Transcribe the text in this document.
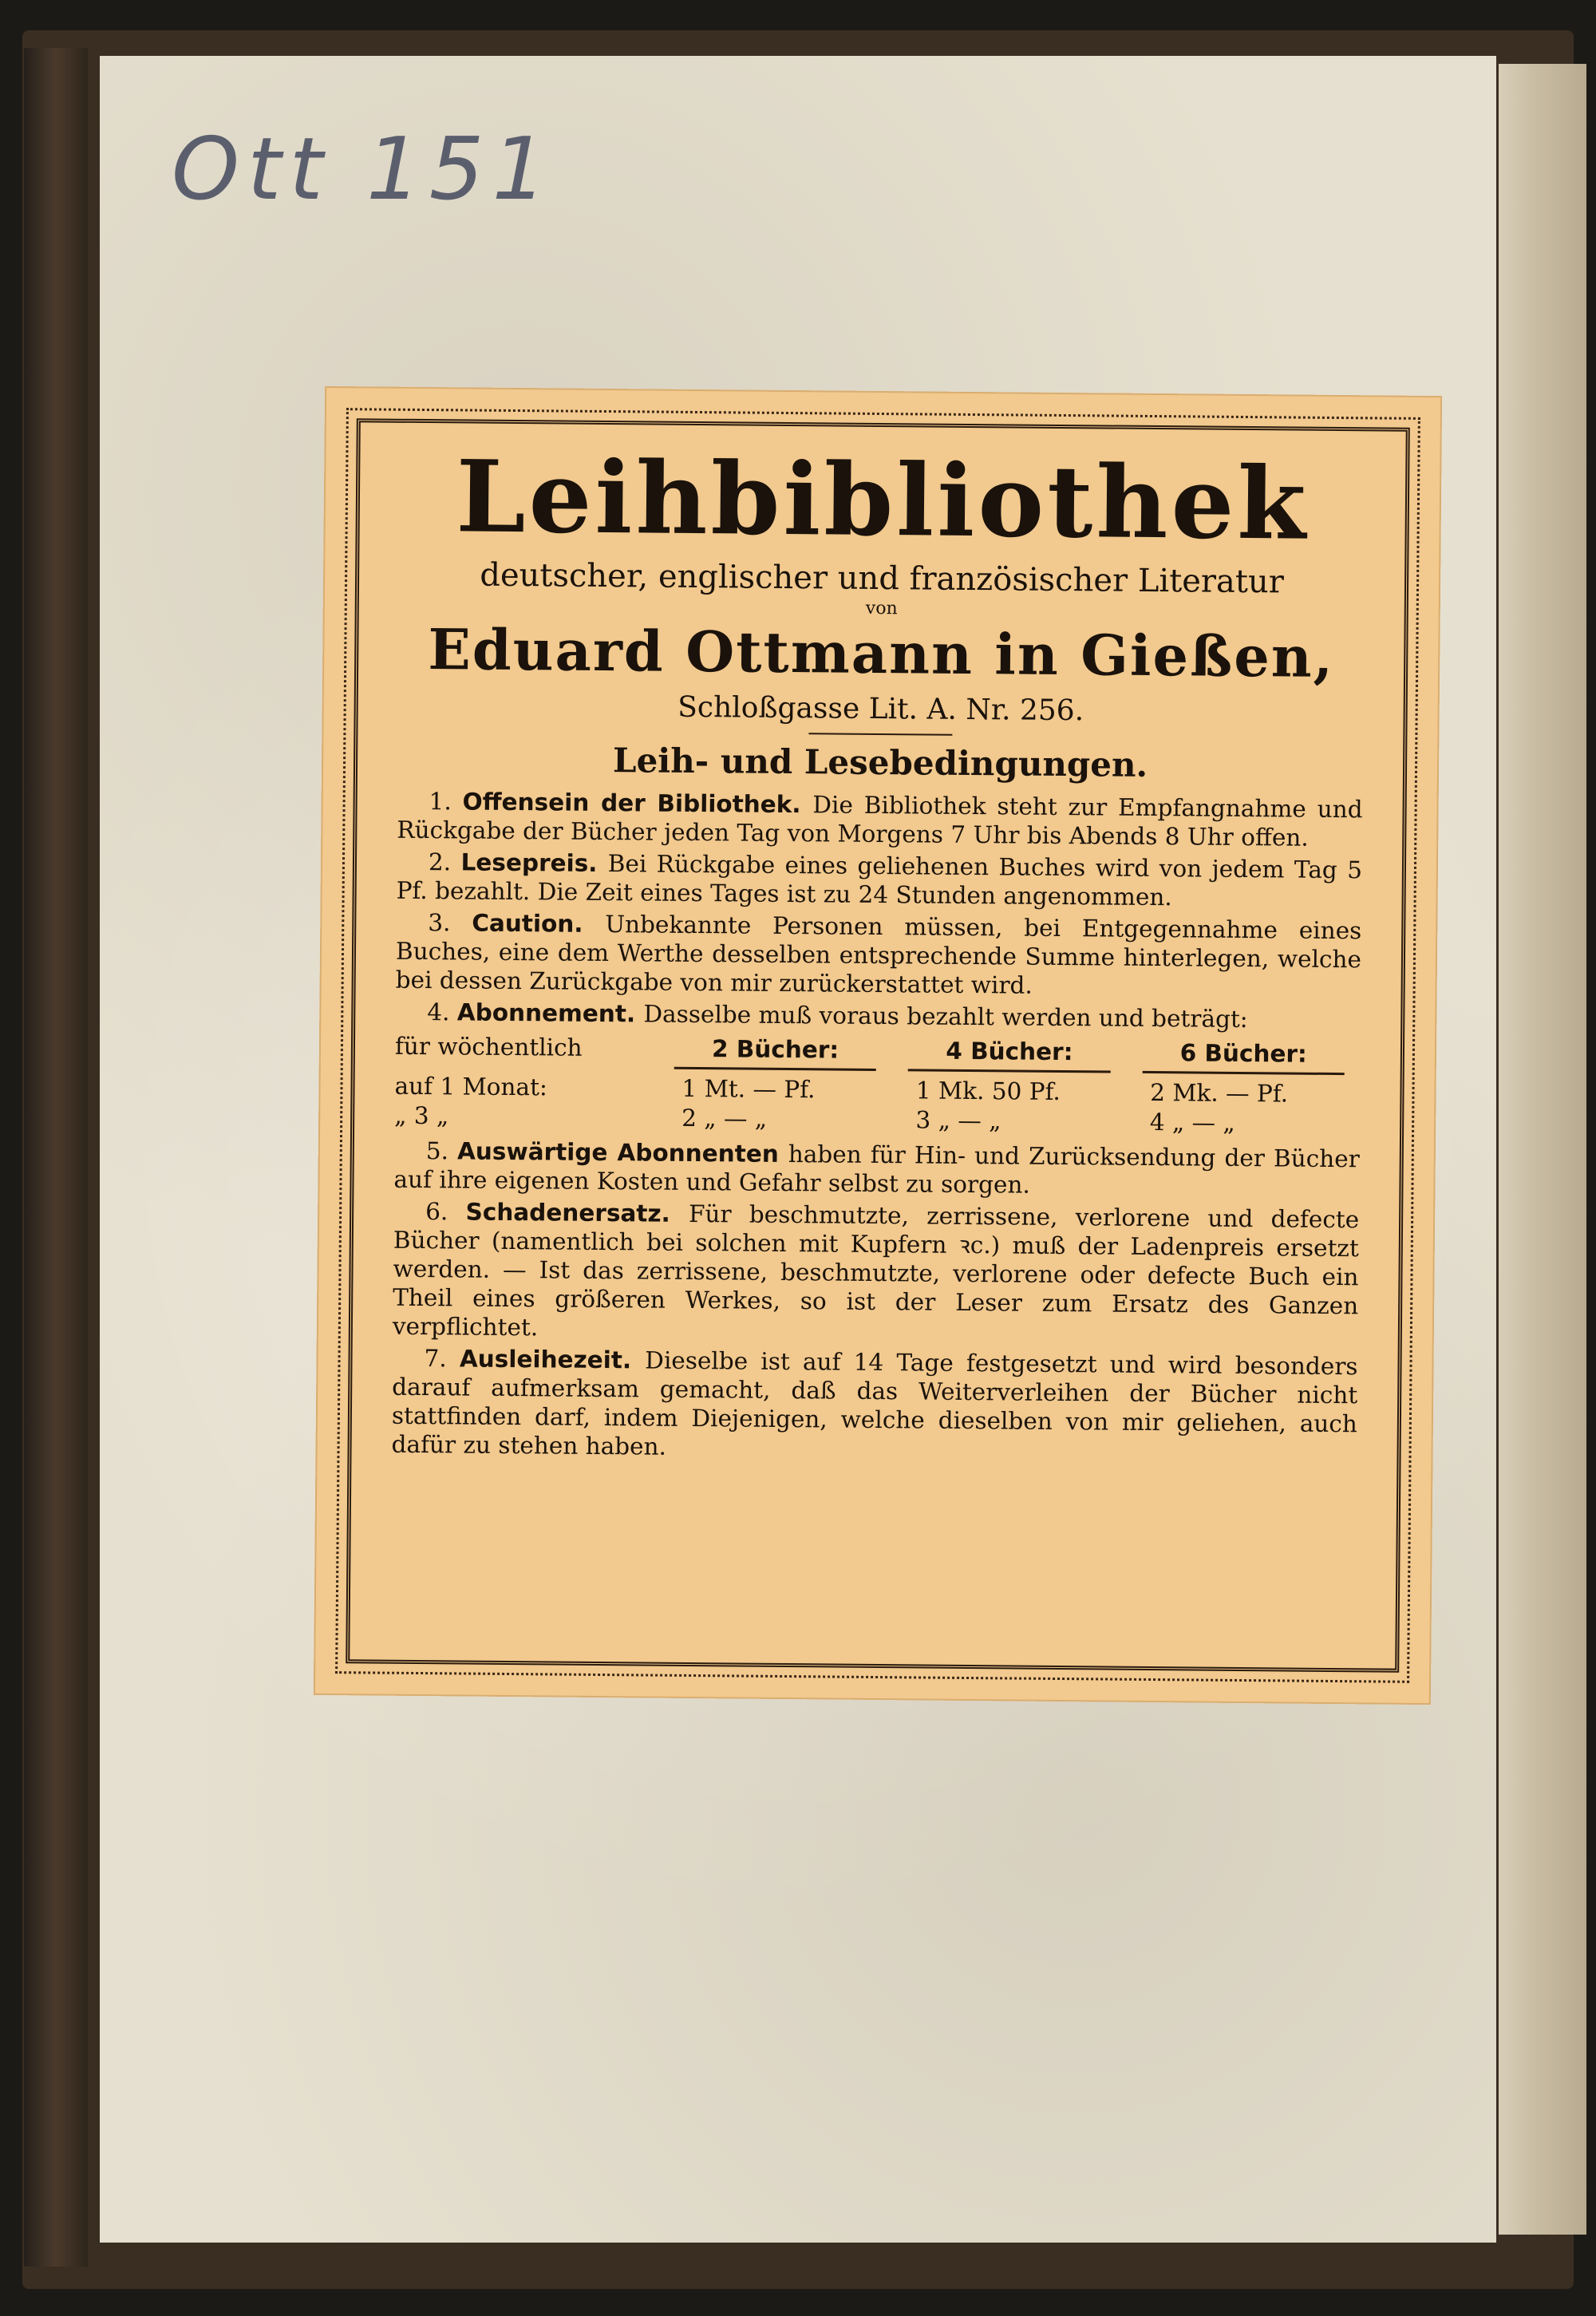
Ott 151
Leihbibliothek

deutscher, englischer und französischer Literatur

von

Eduard Ottmann in Gießen,

Schloßgasse Lit. A. Nr. 256.

Leih- und Lesebedingungen.

1. Offensein der Bibliothek. Die Bibliothek steht zur Empfangnahme und Rückgabe der Bücher jeden Tag von Morgens 7 Uhr bis Abends 8 Uhr offen.

2. Lesepreis. Bei Rückgabe eines geliehenen Buches wird von jedem Tag 5 Pf. bezahlt. Die Zeit eines Tages ist zu 24 Stunden angenommen.

3. Caution. Unbekannte Personen müssen, bei Entgegennahme eines Buches, eine dem Werthe desselben entsprechende Summe hinterlegen, welche bei dessen Zurückgabe von mir zurückerstattet wird.

4. Abonnement. Dasselbe muß voraus bezahlt werden und beträgt:

für wöchentlich	2 Bücher:	4 Bücher:	6 Bücher:
auf 1 Monat:	1 Mt. — Pf.	1 Mk. 50 Pf.	2 Mk. — Pf.
„ 3 „	2 „ — „	3 „ — „	4 „ — „

5. Auswärtige Abonnenten haben für Hin- und Zurücksendung der Bücher auf ihre eigenen Kosten und Gefahr selbst zu sorgen.

6. Schadenersatz. Für beschmutzte, zerrissene, verlorene und defecte Bücher (namentlich bei solchen mit Kupfern ꝛc.) muß der Ladenpreis ersetzt werden. — Ist das zerrissene, beschmutzte, verlorene oder defecte Buch ein Theil eines größeren Werkes, so ist der Leser zum Ersatz des Ganzen verpflichtet.

7. Ausleihezeit. Dieselbe ist auf 14 Tage festgesetzt und wird besonders darauf aufmerksam gemacht, daß das Weiterverleihen der Bücher nicht stattfinden darf, indem Diejenigen, welche dieselben von mir geliehen, auch dafür zu stehen haben.
